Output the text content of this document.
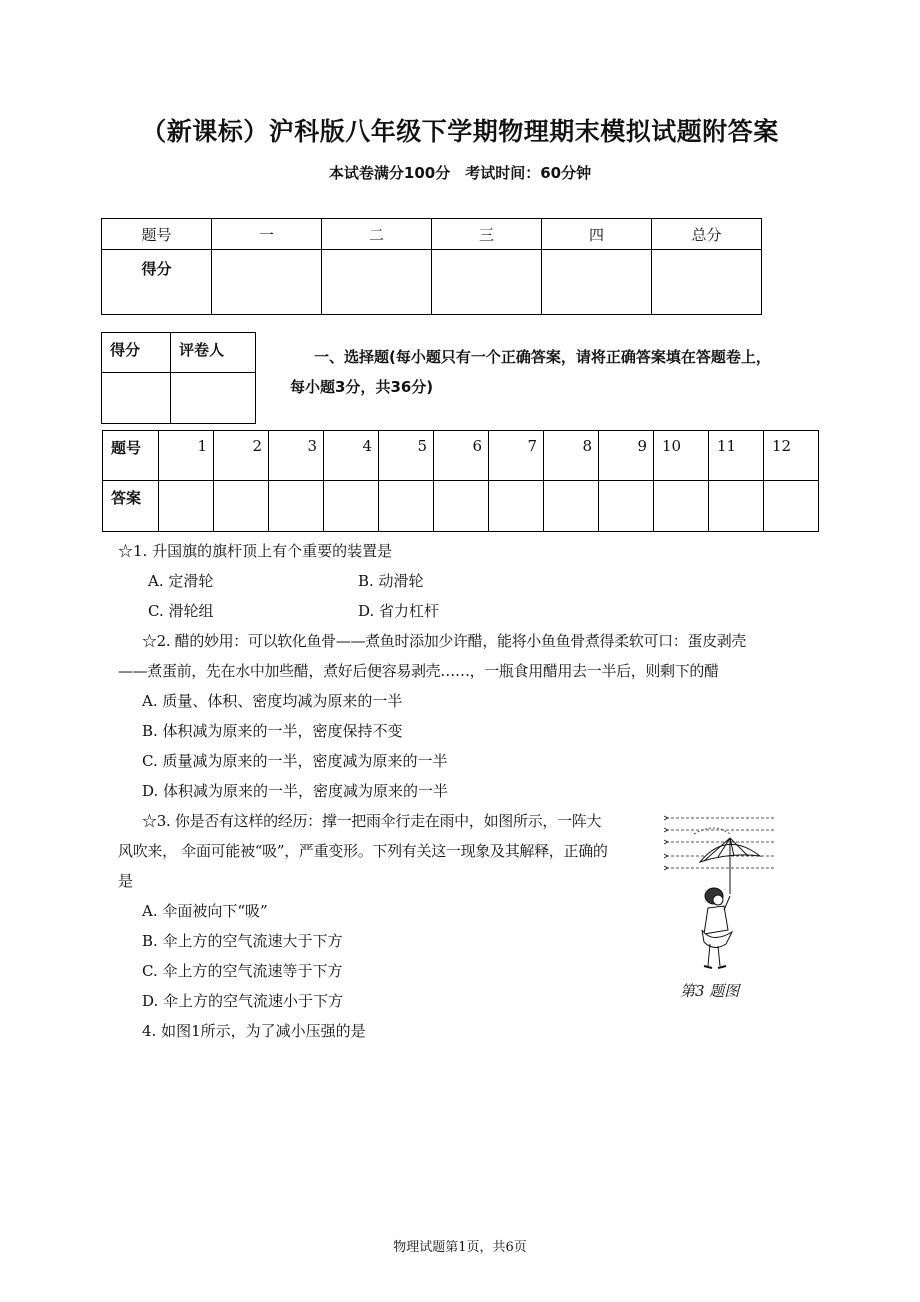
（新课标）沪科版八年级下学期物理期末模拟试题附答案
本试卷满分100分　考试时间：60分钟
题号	一	二	三	四	总分
得分					
得分	评卷人
		一、选择题(每小题只有一个正确答案，请将正确答案填在答题卷上，
每小题3分，共36分)
题号	1	2	3	4	5	6	7	8	9	10	11	12
答案												
☆1. 升国旗的旗杆顶上有个重要的装置是
A. 定滑轮	B. 动滑轮
C. 滑轮组	D. 省力杠杆
☆2. 醋的妙用：可以软化鱼骨——煮鱼时添加少许醋，能将小鱼鱼骨煮得柔软可口：蛋皮剥壳
——煮蛋前，先在水中加些醋，煮好后便容易剥壳……，一瓶食用醋用去一半后，则剩下的醋
A. 质量、体积、密度均减为原来的一半
B. 体积减为原来的一半，密度保持不变
C. 质量减为原来的一半，密度减为原来的一半
D. 体积减为原来的一半，密度减为原来的一半
☆3. 你是否有这样的经历：撑一把雨伞行走在雨中，如图所示，一阵大
风吹来， 伞面可能被“吸”，严重变形。下列有关这一现象及其解释，正确的
是
A. 伞面被向下“吸”
B. 伞上方的空气流速大于下方
C. 伞上方的空气流速等于下方
D. 伞上方的空气流速小于下方
第3 题图
4. 如图1所示，为了减小压强的是
物理试题第1页，共6页
